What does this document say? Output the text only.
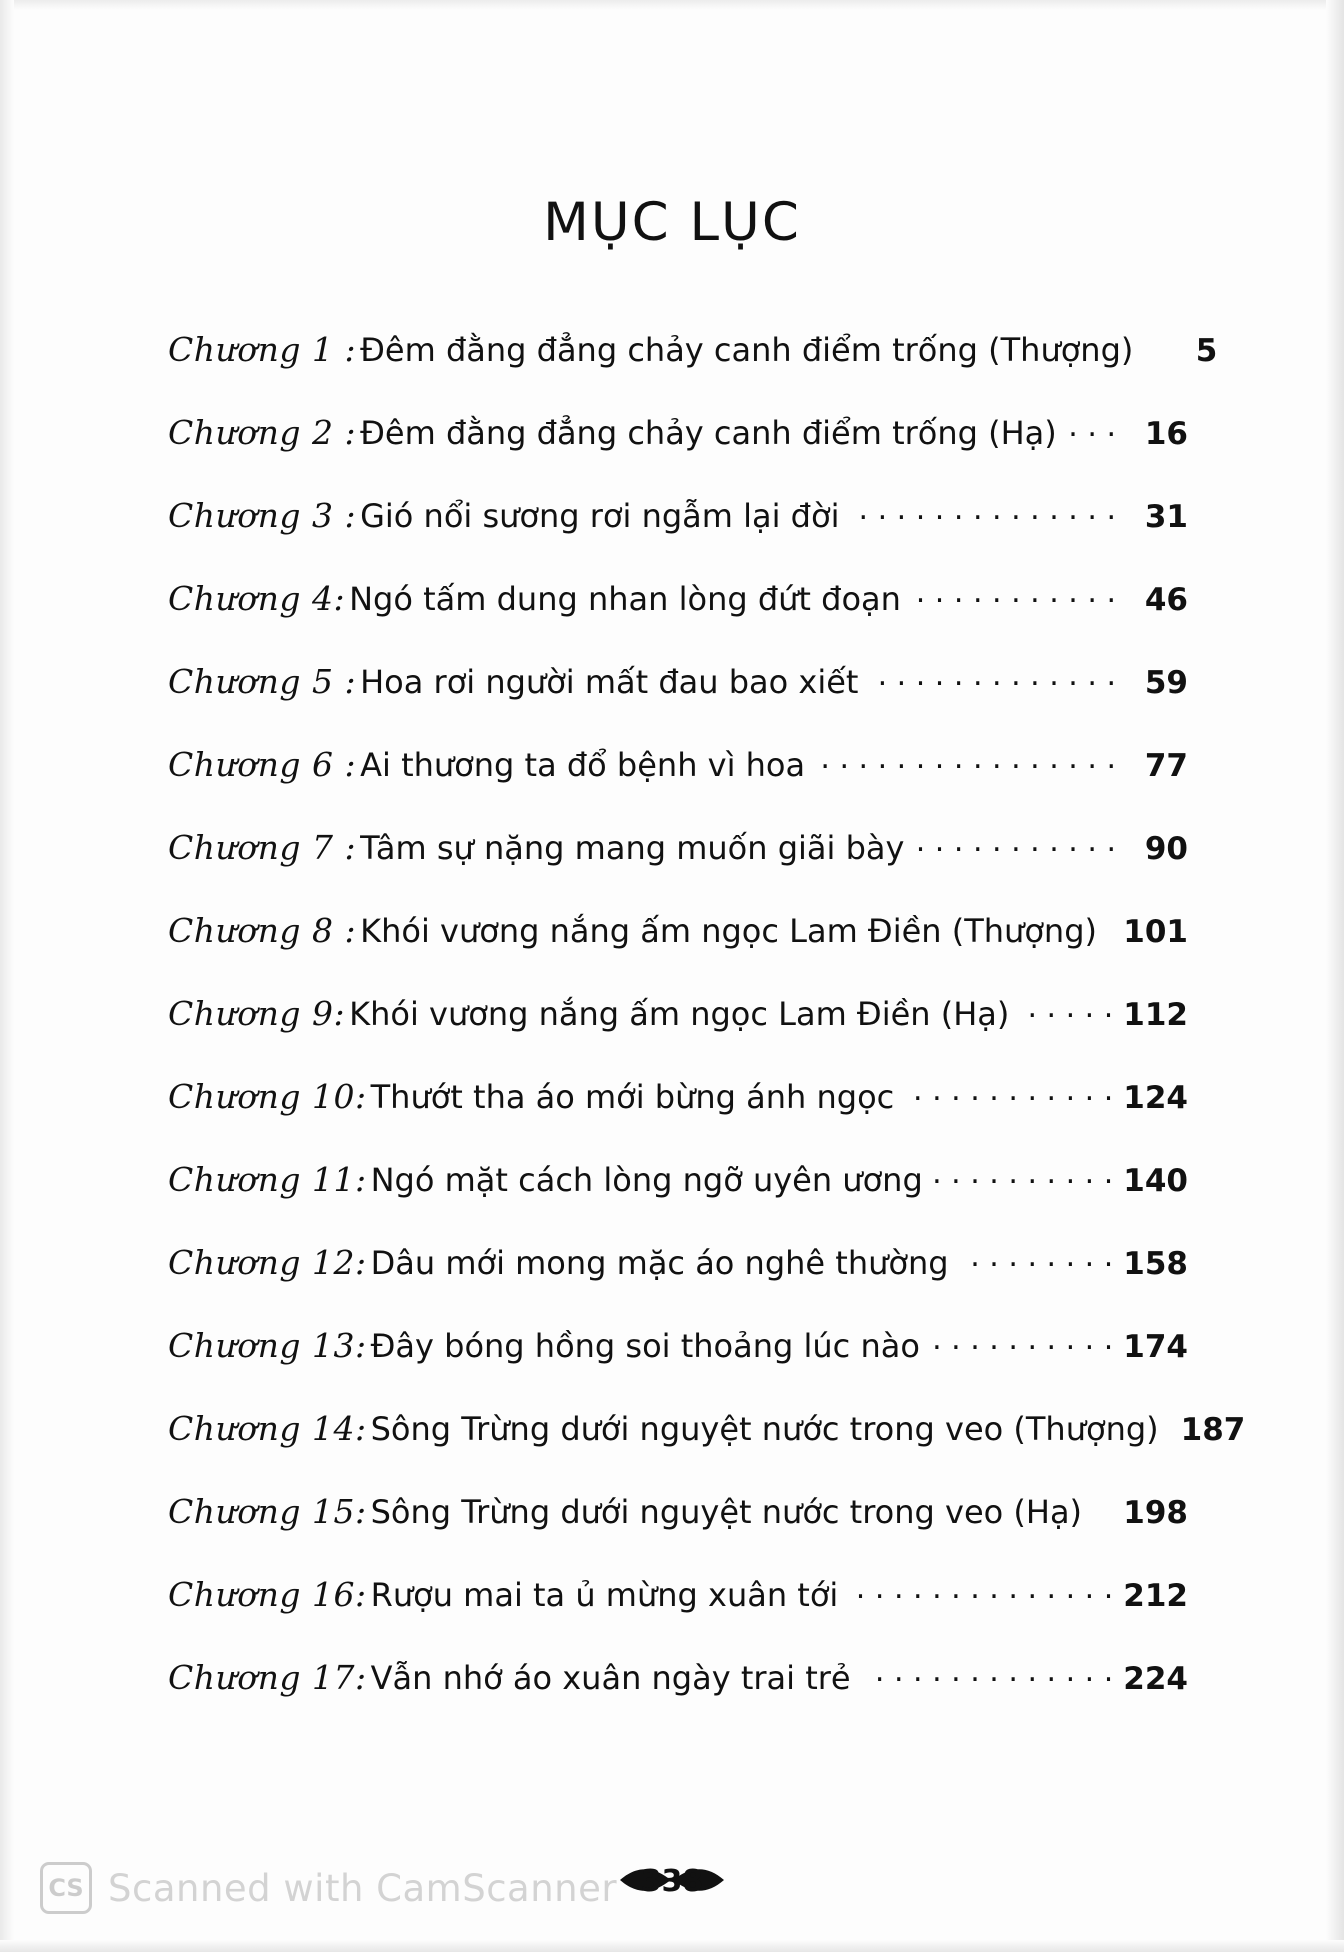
MỤC LỤC
Chương 1 : Đêm đằng đẳng chảy canh điểm trống (Thượng)	5
Chương 2 : Đêm đằng đẳng chảy canh điểm trống (Hạ) . . .	16
Chương 3 : Gió nổi sương rơi ngẫm lại đời . . .	31
Chương 4: Ngó tấm dung nhan lòng đứt đoạn . . .	46
Chương 5 : Hoa rơi người mất đau bao xiết . . .	59
Chương 6 : Ai thương ta đổ bệnh vì hoa . . .	77
Chương 7 : Tâm sự nặng mang muốn giãi bày . . .	90
Chương 8 : Khói vương nắng ấm ngọc Lam Điền (Thượng) 101
Chương 9: Khói vương nắng ấm ngọc Lam Điền (Hạ) . . .	112
Chương 10: Thướt tha áo mới bừng ánh ngọc . . .	124
Chương 11: Ngó mặt cách lòng ngỡ uyên ương . . .	140
Chương 12: Dâu mới mong mặc áo nghê thường . . .	158
Chương 13: Đây bóng hồng soi thoảng lúc nào . . .	174
Chương 14: Sông Trừng dưới nguyệt nước trong veo (Thượng) 187
Chương 15: Sông Trừng dưới nguyệt nước trong veo (Hạ) 198
Chương 16: Rượu mai ta ủ mừng xuân tới . . .	212
Chương 17: Vẫn nhớ áo xuân ngày trai trẻ . . .	224
338
CS Scanned with CamScanner
